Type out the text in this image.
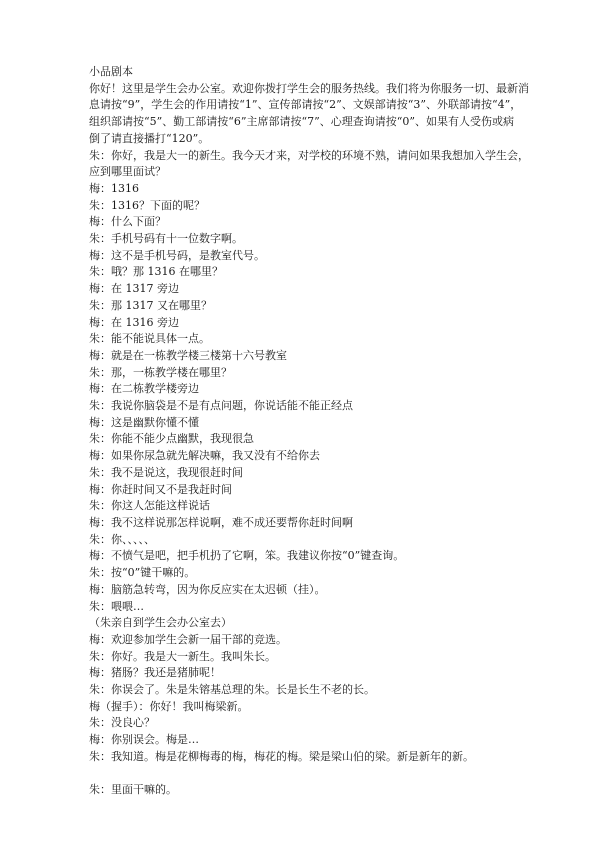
小品剧本
你好！这里是学生会办公室。欢迎你拨打学生会的服务热线。我们将为你服务一切、最新消
息请按“9”，学生会的作用请按“1”、宣传部请按“2”、文娱部请按“3”、外联部请按“4”，
组织部请按“5”、勤工部请按“6”主席部请按“7”、心理查询请按“0”、如果有人受伤或病
倒了请直接播打“120”。
朱：你好，我是大一的新生。我今天才来，对学校的环境不熟，请问如果我想加入学生会，
应到哪里面试？
梅：1316
朱：1316？下面的呢？
梅：什么下面？
朱：手机号码有十一位数字啊。
梅：这不是手机号码，是教室代号。
朱：哦？那 1316 在哪里？
梅：在 1317 旁边
朱：那 1317 又在哪里？
梅：在 1316 旁边
朱：能不能说具体一点。
梅：就是在一栋教学楼三楼第十六号教室
朱：那，一栋教学楼在哪里？
梅：在二栋教学楼旁边
朱：我说你脑袋是不是有点问题，你说话能不能正经点
梅：这是幽默你懂不懂
朱：你能不能少点幽默，我现很急
梅：如果你尿急就先解决嘛，我又没有不给你去
朱：我不是说这，我现很赶时间
梅：你赶时间又不是我赶时间
朱：你这人怎能这样说话
梅：我不这样说那怎样说啊，难不成还要帮你赶时间啊
朱：你、、、、、
梅：不愤气是吧，把手机扔了它啊，笨。我建议你按“0”键查询。
朱：按“0”键干嘛的。
梅：脑筋急转弯，因为你反应实在太迟顿（挂）。
朱：喂喂…
（朱亲自到学生会办公室去）
梅：欢迎参加学生会新一届干部的竞选。
朱：你好。我是大一新生。我叫朱长。
梅：猪肠？我还是猪肺呢！
朱：你误会了。朱是朱镕基总理的朱。长是长生不老的长。
梅（握手）：你好！我叫梅梁新。
朱：没良心？
梅：你别误会。梅是…
朱：我知道。梅是花柳梅毒的梅，梅花的梅。梁是梁山伯的梁。新是新年的新。
朱：里面干嘛的。
